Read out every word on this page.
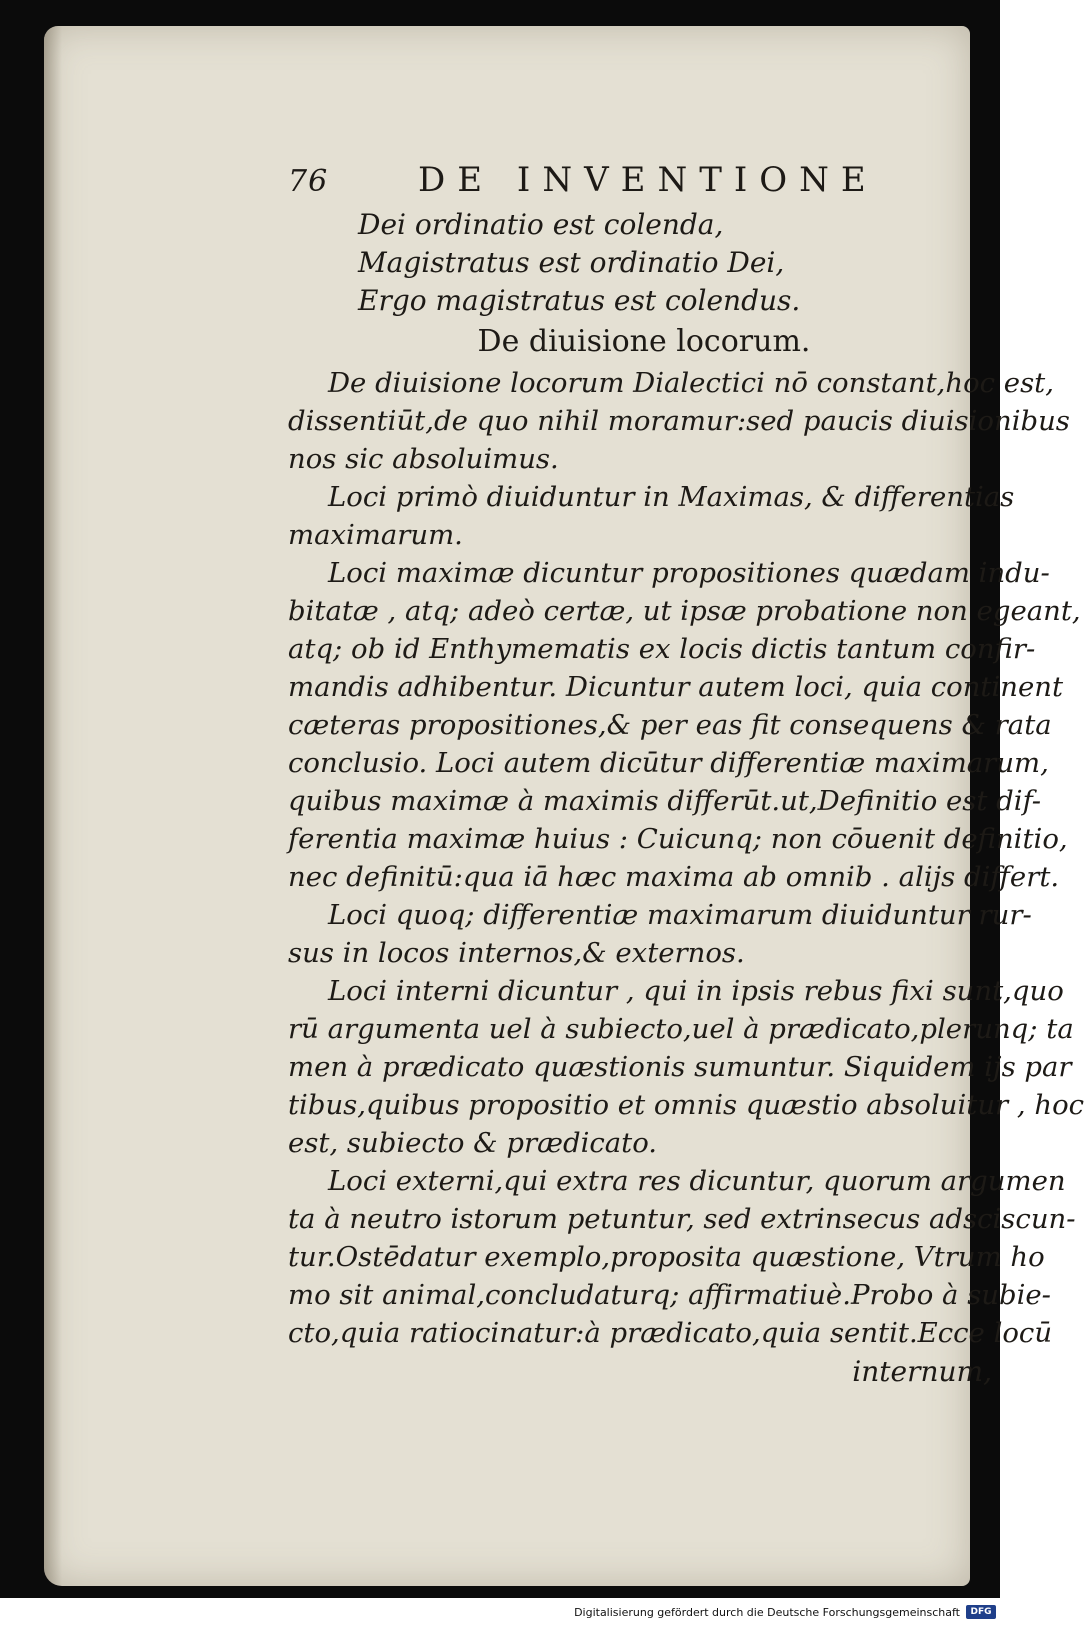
76	DE INVENTIONE
Dei ordinatio est colenda,
Magistratus est ordinatio Dei,
Ergo magistratus est colendus.
De diuisione locorum.
De diuisione locorum Dialectici nō constant,hoc est,
dissentiūt,de quo nihil moramur:sed paucis diuisionibus
nos sic absoluimus.
Loci primò diuiduntur in Maximas, & differentias
maximarum.
Loci maximæ dicuntur propositiones quædam indu-
bitatæ , atq; adeò certæ, ut ipsæ probatione non egeant,
atq; ob id Enthymematis ex locis dictis tantum confir-
mandis adhibentur. Dicuntur autem loci, quia continent
cæteras propositiones,& per eas fit consequens & rata
conclusio. Loci autem dicūtur differentiæ maximarum,
quibus maximæ à maximis differūt.ut,Definitio est dif-
ferentia maximæ huius : Cuicunq; non cōuenit definitio,
nec definitū:qua iā hæc maxima ab omnib . alijs differt.
Loci quoq; differentiæ maximarum diuiduntur rur-
sus in locos internos,& externos.
Loci interni dicuntur , qui in ipsis rebus fixi sunt,quo
rū argumenta uel à subiecto,uel à prædicato,plerunq; ta
men à prædicato quæstionis sumuntur. Siquidem ijs par
tibus,quibus propositio et omnis quæstio absoluitur , hoc
est, subiecto & prædicato.
Loci externi,qui extra res dicuntur, quorum argumen
ta à neutro istorum petuntur, sed extrinsecus adsciscun-
tur.Ostēdatur exemplo,proposita quæstione, Vtrum ho
mo sit animal,concludaturq; affirmatiuè.Probo à subie-
cto,quia ratiocinatur:à prædicato,quia sentit.Ecce locū
internum,
Digitalisierung gefördert durch die Deutsche Forschungsgemeinschaft	DFG
